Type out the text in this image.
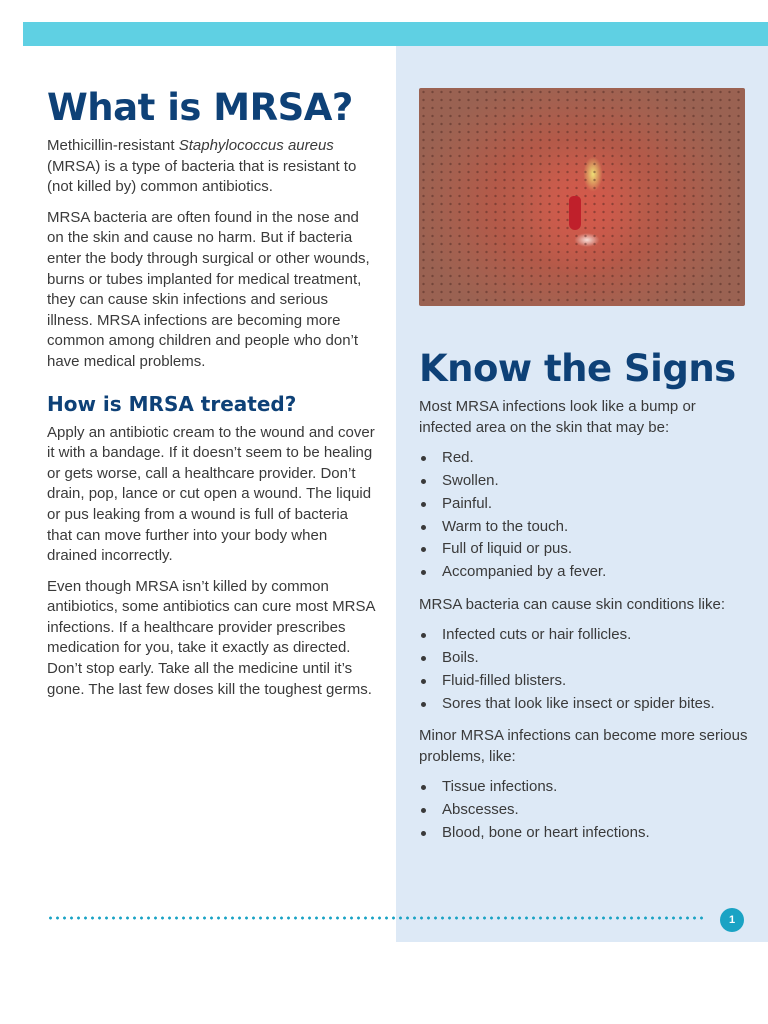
What is MRSA?

Methicillin-resistant Staphylococcus aureus (MRSA) is a type of bacteria that is resistant to (not killed by) common antibiotics.

MRSA bacteria are often found in the nose and on the skin and cause no harm. But if bacteria enter the body through surgical or other wounds, burns or tubes implanted for medical treatment, they can cause skin infections and serious illness. MRSA infections are becoming more common among children and people who don’t have medical problems.

How is MRSA treated?

Apply an antibiotic cream to the wound and cover it with a bandage. If it doesn’t seem to be healing or gets worse, call a healthcare provider. Don’t drain, pop, lance or cut open a wound. The liquid or pus leaking from a wound is full of bacteria that can move further into your body when drained incorrectly.

Even though MRSA isn’t killed by common antibiotics, some antibiotics can cure most MRSA infections. If a healthcare provider prescribes medication for you, take it exactly as directed. Don’t stop early. Take all the medicine until it’s gone. The last few doses kill the toughest germs.

Know the Signs

Most MRSA infections look like a bump or infected area on the skin that may be:

Red.
Swollen.
Painful.
Warm to the touch.
Full of liquid or pus.
Accompanied by a fever.

MRSA bacteria can cause skin conditions like:

Infected cuts or hair follicles.
Boils.
Fluid-filled blisters.
Sores that look like insect or spider bites.

Minor MRSA infections can become more serious problems, like:

Tissue infections.
Abscesses.
Blood, bone or heart infections.
1
